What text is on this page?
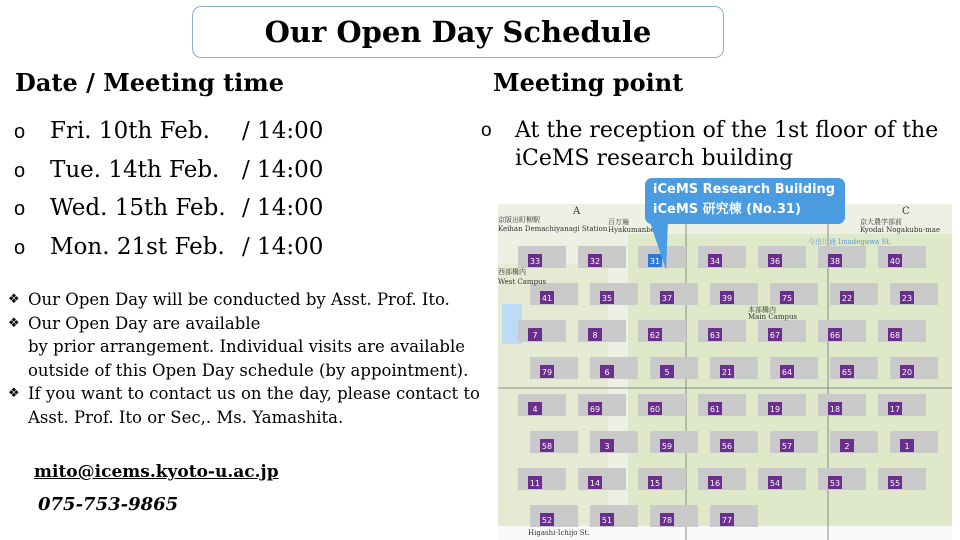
Our Open Day Schedule
Date / Meeting time
o Fri. 10th Feb. / 14:00
o Tue. 14th Feb. / 14:00
o Wed. 15th Feb. / 14:00
o Mon. 21st Feb. / 14:00
❖ Our Open Day will be conducted by Asst. Prof. Ito.
❖ Our Open Day are available
by prior arrangement. Individual visits are available outside of this Open Day schedule (by appointment).
❖ If you want to contact us on the day, please contact to Asst. Prof. Ito or Sec,. Ms. Yamashita.
mito@icems.kyoto-u.ac.jp
075-753-9865
Meeting point
o	At the reception of the 1st floor of the
iCeMS research building
A	C
33	32	31	34	36	38	40
41	35	37	39	75	22	23
7	8	62	63	67	66	68
79	6	5	21	64	65	20
4	69	60	61	19	18	17
58	3	59	56	57	2	1
11	14	15	16	54	53	55
52	51	78	77
京阪出町柳駅
Keihan Demachiyanagi Station
百万遍
Hyakumanben
西部構内
West Campus
本部構内
Main Campus
京大農学部前
Kyodai Nogakubu-mae
今出川通 Imadegawa St.
Higashi-Ichijo St.
iCeMS Research Building
iCeMS 研究棟 (No.31)
